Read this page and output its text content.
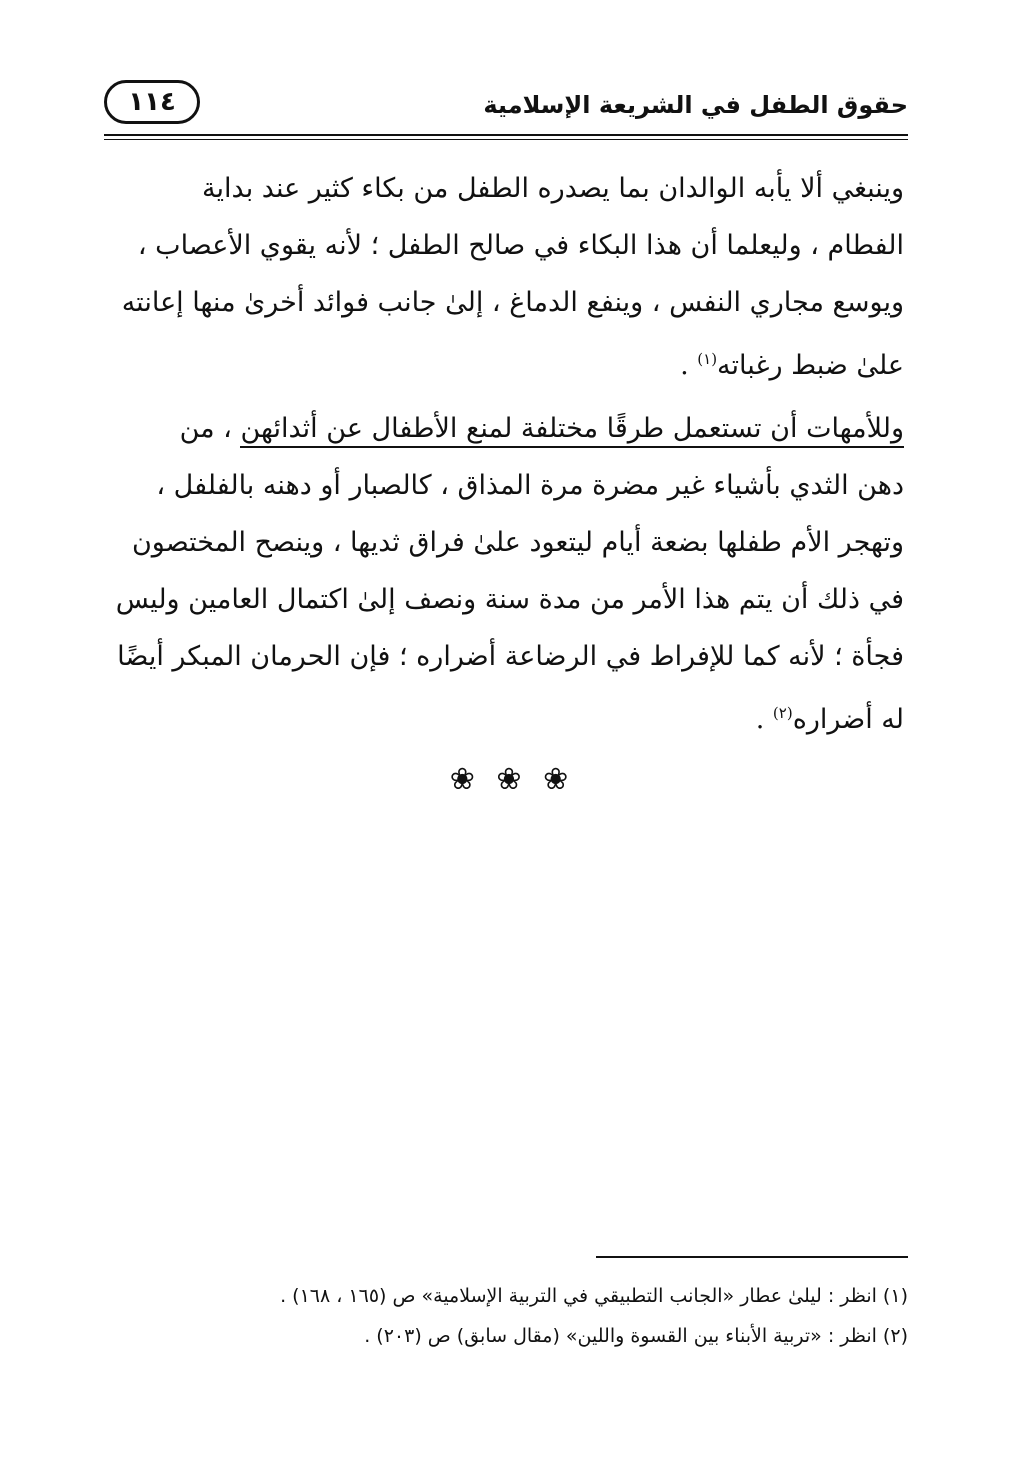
١١٤	حقوق الطفل في الشريعة الإسلامية
وينبغي ألا يأبه الوالدان بما يصدره الطفل من بكاء كثير عند بداية
الفطام ، وليعلما أن هذا البكاء في صالح الطفل ؛ لأنه يقوي الأعصاب ،
ويوسع مجاري النفس ، وينفع الدماغ ، إلىٰ جانب فوائد أخرىٰ منها إعانته
علىٰ ضبط رغباته$^{(١)}$ .
وللأمهات أن تستعمل طرقًا مختلفة لمنع الأطفال عن أثدائهن ، من
دهن الثدي بأشياء غير مضرة مرة المذاق ، كالصبار أو دهنه بالفلفل ،
وتهجر الأم طفلها بضعة أيام ليتعود علىٰ فراق ثديها ، وينصح المختصون
في ذلك أن يتم هذا الأمر من مدة سنة ونصف إلىٰ اكتمال العامين وليس
فجأة ؛ لأنه كما للإفراط في الرضاعة أضراره ؛ فإن الحرمان المبكر أيضًا
له أضراره$^{(٢)}$ .
❀ ❀ ❀
(١) انظر : ليلىٰ عطار «الجانب التطبيقي في التربية الإسلامية» ص (١٦٥ ، ١٦٨) .
(٢) انظر : «تربية الأبناء بين القسوة واللين» (مقال سابق) ص (٢٠٣) .
